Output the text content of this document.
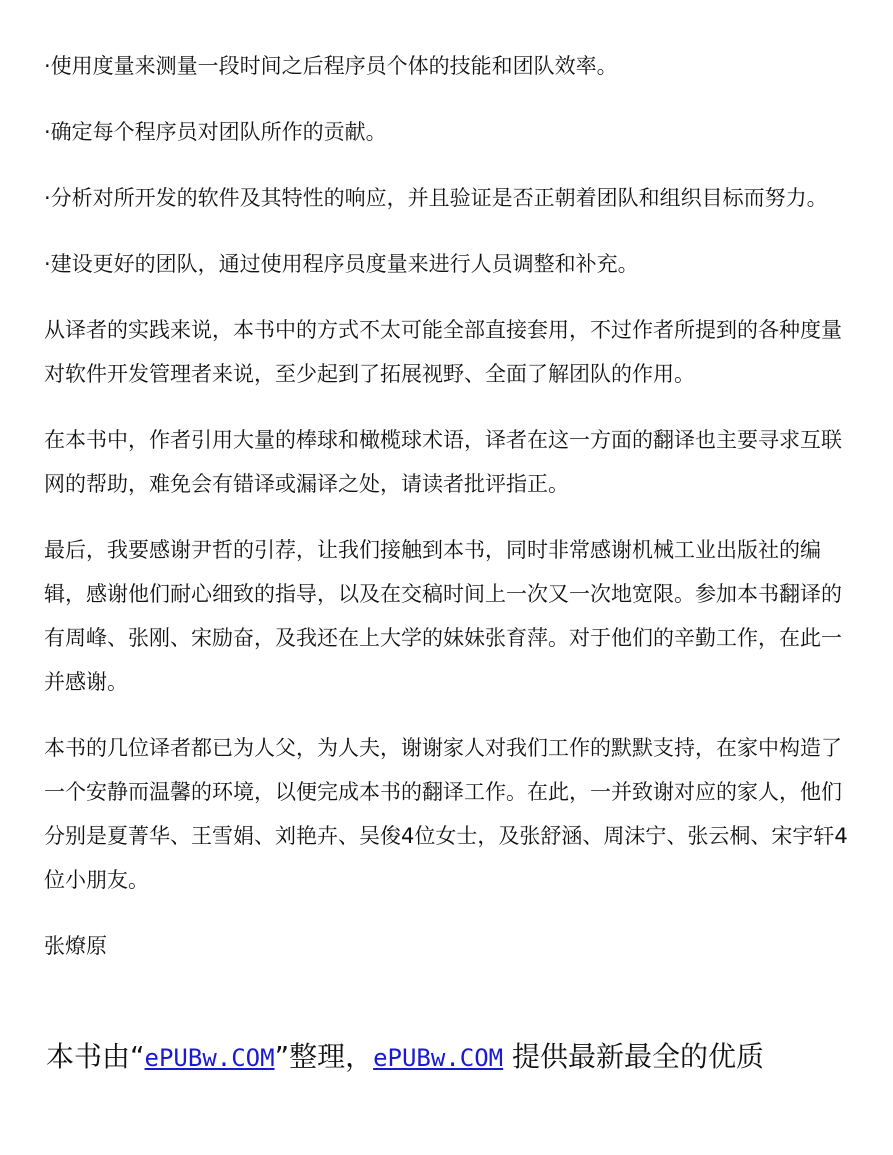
·使用度量来测量一段时间之后程序员个体的技能和团队效率。

·确定每个程序员对团队所作的贡献。

·分析对所开发的软件及其特性的响应，并且验证是否正朝着团队和组织目标而努力。

·建设更好的团队，通过使用程序员度量来进行人员调整和补充。

从译者的实践来说，本书中的方式不太可能全部直接套用，不过作者所提到的各种度量对软件开发管理者来说，至少起到了拓展视野、全面了解团队的作用。

在本书中，作者引用大量的棒球和橄榄球术语，译者在这一方面的翻译也主要寻求互联网的帮助，难免会有错译或漏译之处，请读者批评指正。

最后，我要感谢尹哲的引荐，让我们接触到本书，同时非常感谢机械工业出版社的编辑，感谢他们耐心细致的指导，以及在交稿时间上一次又一次地宽限。参加本书翻译的有周峰、张刚、宋励奋，及我还在上大学的妹妹张育萍。对于他们的辛勤工作，在此一并感谢。

本书的几位译者都已为人父，为人夫，谢谢家人对我们工作的默默支持，在家中构造了一个安静而温馨的环境，以便完成本书的翻译工作。在此，一并致谢对应的家人，他们分别是夏菁华、王雪娟、刘艳卉、吴俊4位女士，及张舒涵、周沫宁、张云桐、宋宇轩4位小朋友。

张燎原

本书由“ePUBw.COM”整理，ePUBw.COM 提供最新最全的优质
